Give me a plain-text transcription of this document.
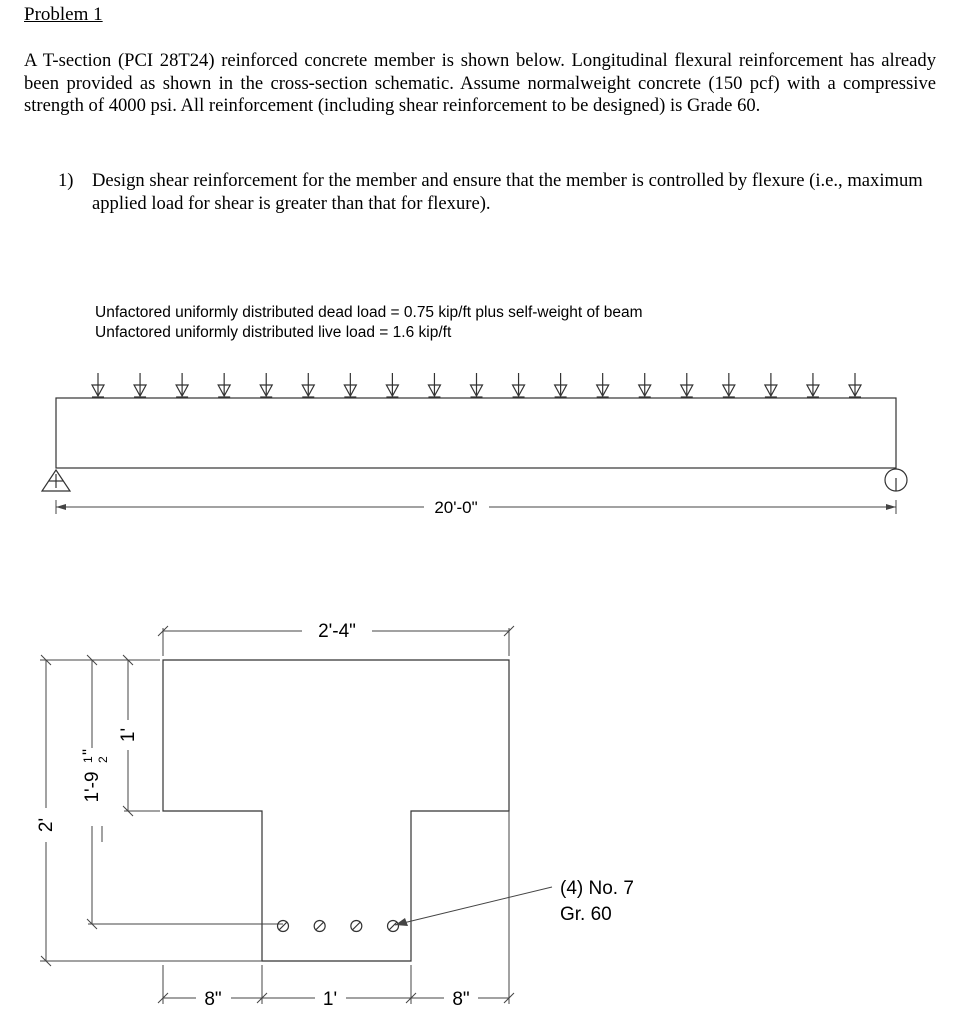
Problem 1
A T-section (PCI 28T24) reinforced concrete member is shown below. Longitudinal flexural reinforcement has already been provided as shown in the cross-section schematic. Assume normalweight concrete (150 pcf) with a compressive strength of 4000 psi. All reinforcement (including shear reinforcement to be designed) is Grade 60.
1) Design shear reinforcement for the member and ensure that the member is controlled by flexure (i.e., maximum applied load for shear is greater than that for flexure).
Unfactored uniformly distributed dead load = 0.75 kip/ft plus self-weight of beam
Unfactored uniformly distributed live load = 1.6 kip/ft
20'-0"
2'-4"
2'
1'-9
1 2 "
1'
8"	1'	8"
(4) No. 7
Gr. 60
